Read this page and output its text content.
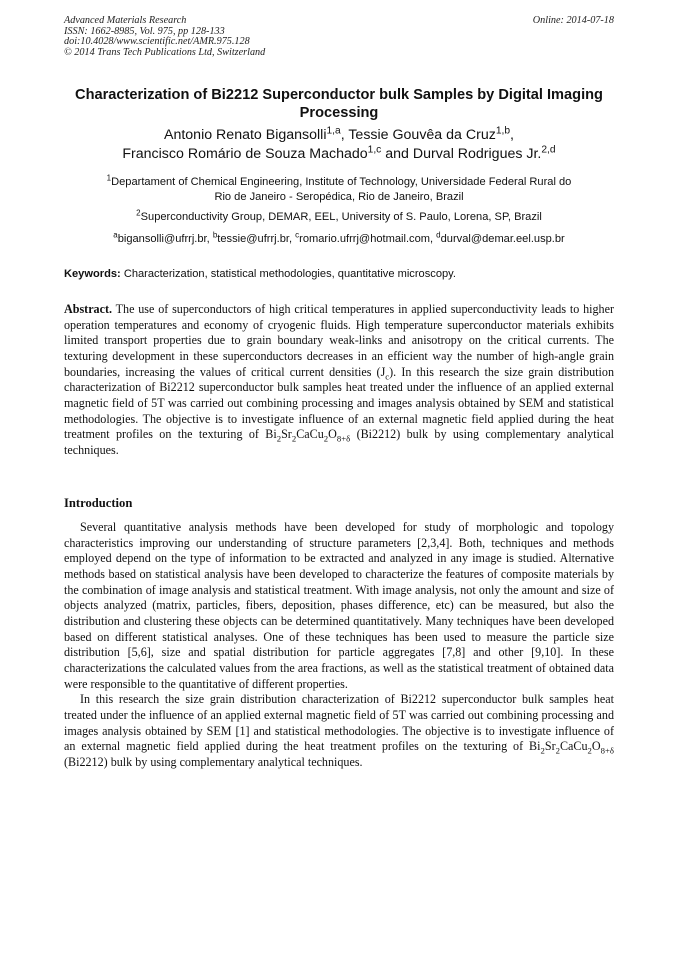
Advanced Materials Research
ISSN: 1662-8985, Vol. 975, pp 128-133
doi:10.4028/www.scientific.net/AMR.975.128
© 2014 Trans Tech Publications Ltd, Switzerland
Online: 2014-07-18
Characterization of Bi2212 Superconductor bulk Samples by Digital Imaging Processing
Antonio Renato Bigansolli$^{1,a}$, Tessie Gouvêa da Cruz$^{1,b}$,
Francisco Romário de Souza Machado$^{1,c}$ and Durval Rodrigues Jr.$^{2,d}$
$^1$Departament of Chemical Engineering, Institute of Technology, Universidade Federal Rural do
Rio de Janeiro - Seropédica, Rio de Janeiro, Brazil
$^2$Superconductivity Group, DEMAR, EEL, University of S. Paulo, Lorena, SP, Brazil
$^a$bigansolli@ufrrj.br, $^b$tessie@ufrrj.br, $^c$romario.ufrrj@hotmail.com, $^d$durval@demar.eel.usp.br
Keywords: Characterization, statistical methodologies, quantitative microscopy.
Abstract. The use of superconductors of high critical temperatures in applied superconductivity leads to higher operation temperatures and economy of cryogenic fluids. High temperature superconductor materials exhibits limited transport properties due to grain boundary weak-links and anisotropy on the critical currents. The texturing development in these superconductors decreases in an efficient way the number of high-angle grain boundaries, increasing the values of critical current densities $(J_c)$. In this research the size grain distribution characterization of Bi2212 superconductor bulk samples heat treated under the influence of an applied external magnetic field of 5T was carried out combining processing and images analysis obtained by SEM and statistical methodologies. The objective is to investigate influence of an external magnetic field applied during the heat treatment profiles on the texturing of $Bi_2Sr_2CaCu_2O_{8+\delta}$ (Bi2212) bulk by using complementary analytical techniques.
Introduction

Several quantitative analysis methods have been developed for study of morphologic and topology characteristics improving our understanding of structure parameters [2,3,4]. Both, techniques and methods employed depend on the type of information to be extracted and analyzed in any image is studied. Alternative methods based on statistical analysis have been developed to characterize the features of composite materials by the combination of image analysis and statistical treatment. With image analysis, not only the amount and size of objects analyzed (matrix, particles, fibers, deposition, phases difference, etc) can be measured, but also the distribution and clustering these objects can be determined quantitatively. Many techniques have been developed based on different statistical analyses. One of these techniques has been used to measure the particle size distribution [5,6], size and spatial distribution for particle aggregates [7,8] and other [9,10]. In these characterizations the calculated values from the area fractions, as well as the statistical treatment of obtained data were responsible to the quantitative of different properties.

In this research the size grain distribution characterization of Bi2212 superconductor bulk samples heat treated under the influence of an applied external magnetic field of 5T was carried out combining processing and images analysis obtained by SEM [1] and statistical methodologies. The objective is to investigate influence of an external magnetic field applied during the heat treatment profiles on the texturing of $Bi_2Sr_2CaCu_2O_{8+\delta}$ (Bi2212) bulk by using complementary analytical techniques.
